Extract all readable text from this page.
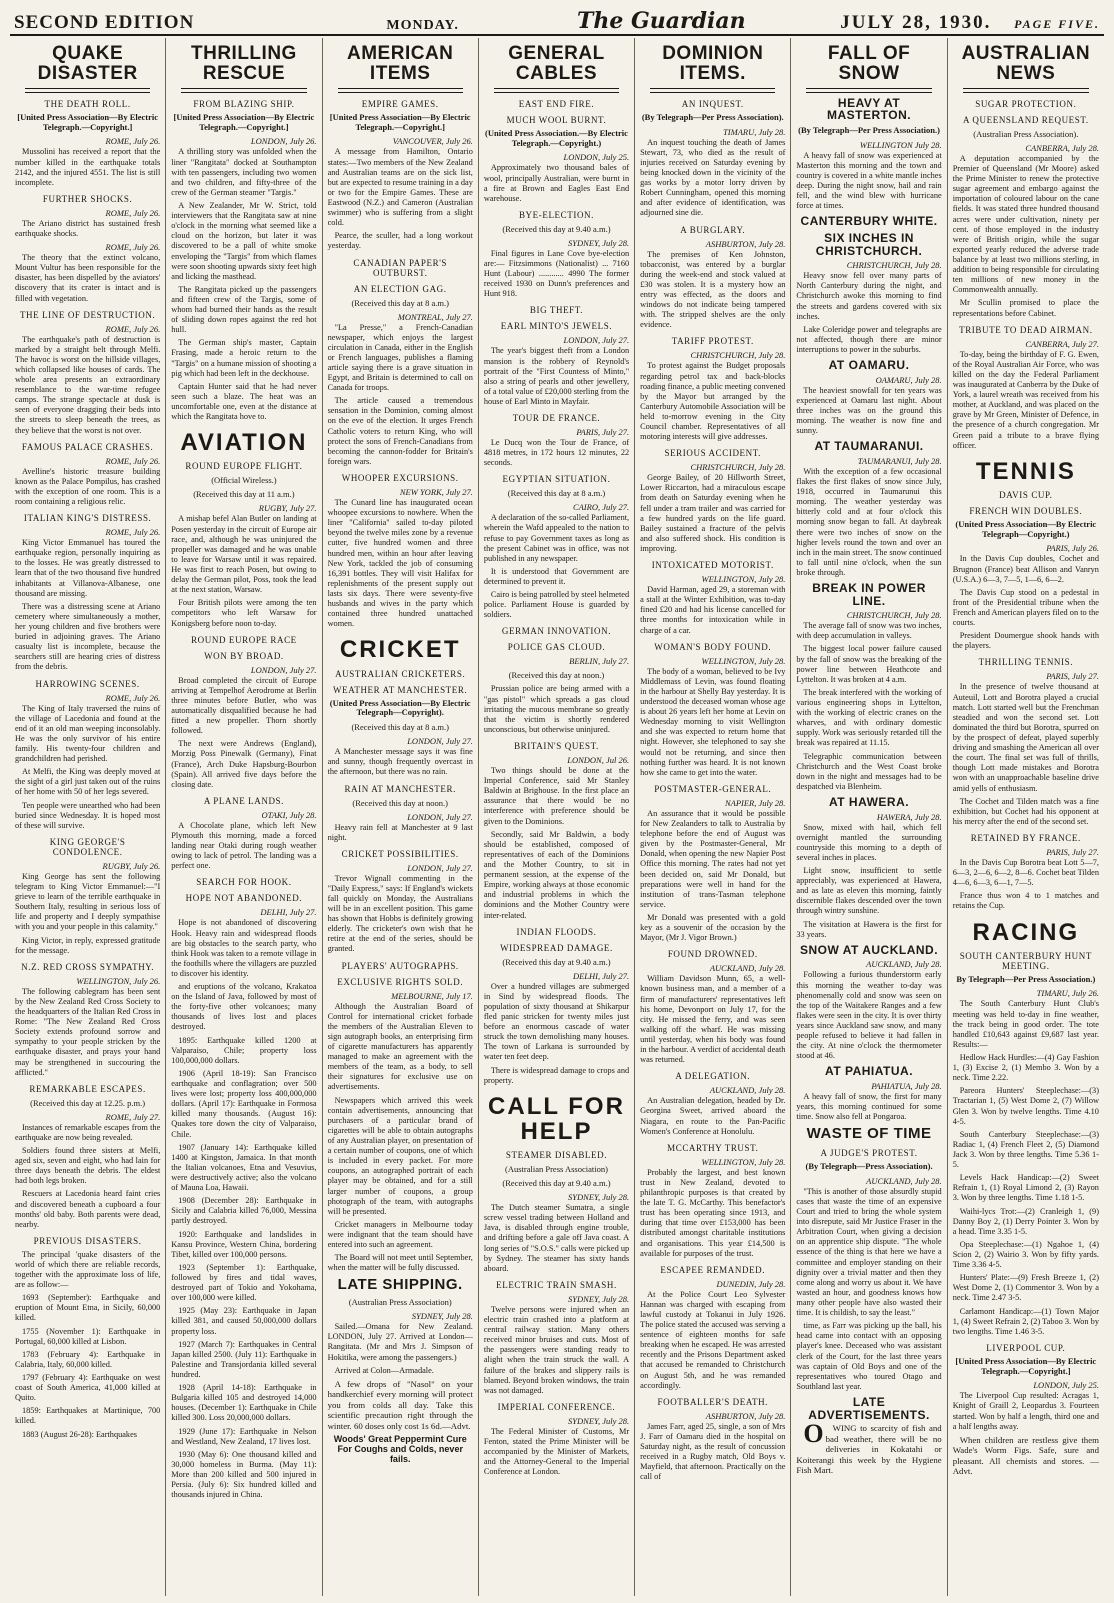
SECOND EDITION	MONDAY.	The Guardian	JULY 28, 1930. PAGE FIVE.
QUAKE DISASTER
THE DEATH ROLL.
[United Press Association—By Electric Telegraph.—Copyright.]
ROME, July 26.

Mussolini has received a report that the number killed in the earthquake totals 2142, and the injured 4551. The list is still incomplete.

FURTHER SHOCKS.
ROME, July 26.

The Ariano district has sustained fresh earthquake shocks.

ROME, July 26.

The theory that the extinct volcano, Mount Vultur has been responsible for the disaster, has been dispelled by the aviators' discovery that its crater is intact and is filled with vegetation.

THE LINE OF DESTRUCTION.
ROME, July 26.

The earthquake's path of destruction is marked by a straight belt through Melfi. The havoc is worst on the hillside villages, which collapsed like houses of cards. The whole area presents an extraordinary resemblance to the war-time refugee camps. The strange spectacle at dusk is seen of everyone dragging their beds into the streets to sleep beneath the trees, as they believe that the worst is not over.

FAMOUS PALACE CRASHES.
ROME, July 26.

Avelline's historic treasure building known as the Palace Pompilus, has crashed with the exception of one room. This is a room containing a religious relic.

ITALIAN KING'S DISTRESS.
ROME, July 26.

King Victor Emmanuel has toured the earthquake region, personally inquiring as to the losses. He was greatly distressed to learn that of the two thousand five hundred inhabitants at Villanova-Albanese, one thousand are missing.

There was a distressing scene at Ariano cemetery where simultaneously a mother, her young children and five brothers were buried in adjoining graves. The Ariano casualty list is incomplete, because the searchers still are hearing cries of distress from the debris.

HARROWING SCENES.
ROME, July 26.

The King of Italy traversed the ruins of the village of Lacedonia and found at the end of it an old man weeping inconsolably. He was the only survivor of his entire family. His twenty-four children and grandchildren had perished.

At Melfi, the King was deeply moved at the sight of a girl just taken out of the ruins of her home with 50 of her legs severed.

Ten people were unearthed who had been buried since Wednesday. It is hoped most of these will survive.

KING GEORGE'S CONDOLENCE.
RUGBY, July 26.

King George has sent the following telegram to King Victor Emmanuel:—"I grieve to learn of the terrible earthquake in Southern Italy, resulting in serious loss of life and property and I deeply sympathise with you and your people in this calamity."

King Victor, in reply, expressed gratitude for the message.

N.Z. RED CROSS SYMPATHY.
WELLINGTON, July 26.

The following cablegram has been sent by the New Zealand Red Cross Society to the headquarters of the Italian Red Cross in Rome: "The New Zealand Red Cross Society extends profound sorrow and sympathy to your people stricken by the earthquake disaster, and prays your hand may be strengthened in succouring the afflicted."

REMARKABLE ESCAPES.
(Received this day at 12.25. p.m.)
ROME, July 27.

Instances of remarkable escapes from the earthquake are now being revealed.

Soldiers found three sisters at Melfi, aged six, seven and eight, who had lain for three days beneath the debris. The eldest had both legs broken.

Rescuers at Lacedonia heard faint cries and discovered beneath a cupboard a four months' old baby. Both parents were dead, nearby.

PREVIOUS DISASTERS.

The principal 'quake disasters of the world of which there are reliable records, together with the approximate loss of life, are as follow:—

1693 (September): Earthquake and eruption of Mount Etna, in Sicily, 60,000 killed.

1755 (November 1): Earthquake in Portugal, 60,000 killed at Lisbon.

1783 (February 4): Earthquake in Calabria, Italy, 60,000 killed.

1797 (February 4): Earthquake on west coast of South America, 41,000 killed at Quito.

1859: Earthquakes at Martinique, 700 killed.

1883 (August 26-28): Earthquakes

THRILLING RESCUE
FROM BLAZING SHIP.
[United Press Association—By Electric Telegraph.—Copyright.]
LONDON, July 26.

A thrilling story was unfolded when the liner "Rangitata" docked at Southampton with ten passengers, including two women and two children, and fifty-three of the crew of the German steamer "Targis."

A New Zealander, Mr W. Strict, told interviewers that the Rangitata saw at nine o'clock in the morning what seemed like a cloud on the horizon, but later it was discovered to be a pall of white smoke enveloping the "Targis" from which flames were soon shooting upwards sixty feet high and licking the masthead.

The Rangitata picked up the passengers and fifteen crew of the Targis, some of whom had burned their hands as the result of sliding down ropes against the red hot hull.

The German ship's master, Captain Frasing, made a heroic return to the "Targis" on a humane mission of shooting a pig which had been left in the deckhouse.

Captain Hunter said that he had never seen such a blaze. The heat was an uncomfortable one, even at the distance at which the Rangitata hove to.

AVIATION
ROUND EUROPE FLIGHT.
(Official Wireless.)
(Received this day at 11 a.m.)
RUGBY, July 27.

A mishap befel Alan Butler on landing at Posen yesterday in the circuit of Europe air race, and, although he was uninjured the propeller was damaged and he was unable to leave for Warsaw until it was repaired. He was first to reach Posen, but owing to delay the German pilot, Poss, took the lead at the next station, Warsaw.

Four British pilots were among the ten competitors who left Warsaw for Konigsberg before noon to-day.

ROUND EUROPE RACE
WON BY BROAD.
LONDON, July 27.

Broad completed the circuit of Europe arriving at Tempelhof Aerodrome at Berlin three minutes before Butler, who was automatically disqualified because he had fitted a new propeller. Thorn shortly followed.

The next were Andrews (England), Morzig Poss Pinewalk (Germany), Finat (France), Arch Duke Hapsburg-Bourbon (Spain). All arrived five days before the closing date.

A PLANE LANDS.
OTAKI, July 28.

A Chocolate plane, which left New Plymouth this morning, made a forced landing near Otaki during rough weather owing to lack of petrol. The landing was a perfect one.

SEARCH FOR HOOK.
HOPE NOT ABANDONED.
DELHI, July 27.

Hope is not abandoned of discovering Hook. Heavy rain and widespread floods are big obstacles to the search party, who think Hook was taken to a remote village in the foothills where the villagers are puzzled to discover his identity.

and eruptions of the volcano, Krakatoa on the Island of Java, followed by most of the forty-five other volcanoes; many thousands of lives lost and places destroyed.

1895: Earthquake killed 1200 at Valparaiso, Chile; property loss 100,000,000 dollars.

1906 (April 18-19): San Francisco earthquake and conflagration; over 500 lives were lost; property loss 400,000,000 dollars. (April 17): Earthquake in Formosa killed many thousands. (August 16): Quakes tore down the city of Valparaiso, Chile.

1907 (January 14): Earthquake killed 1400 at Kingston, Jamaica. In that month the Italian volcanoes, Etna and Vesuvius, were destructively active; also the volcano of Mauna Loa, Hawaii.

1908 (December 28): Earthquake in Sicily and Calabria killed 76,000, Messina partly destroyed.

1920: Earthquake and landslides in Kansu Province, Western China, bordering Tibet, killed over 100,000 persons.

1923 (September 1): Earthquake, followed by fires and tidal waves, destroyed part of Tokio and Yokohama, over 100,000 were killed.

1925 (May 23): Earthquake in Japan killed 381, and caused 50,000,000 dollars property loss.

1927 (March 7): Earthquakes in Central Japan killed 2500. (July 11): Earthquake in Palestine and Transjordania killed several hundred.

1928 (April 14-18): Earthquake in Bulgaria killed 105 and destroyed 14,000 houses. (December 1): Earthquake in Chile killed 300. Loss 20,000,000 dollars.

1929 (June 17): Earthquake in Nelson and Westland, New Zealand, 17 lives lost.

1930 (May 6): One thousand killed and 30,000 homeless in Burma. (May 11): More than 200 killed and 500 injured in Persia. (July 6): Six hundred killed and thousands injured in China.

AMERICAN ITEMS
EMPIRE GAMES.
[United Press Association—By Electric Telegraph.—Copyright.]
VANCOUVER, July 26.

A message from Hamilton, Ontario states:—Two members of the New Zealand and Australian teams are on the sick list, but are expected to resume training in a day or two for the Empire Games. These are Eastwood (N.Z.) and Cameron (Australian swimmer) who is suffering from a slight cold.

Pearce, the sculler, had a long workout yesterday.

CANADIAN PAPER'S OUTBURST.
AN ELECTION GAG.
(Received this day at 8 a.m.)
MONTREAL, July 27.

"La Presse," a French-Canadian newspaper, which enjoys the largest circulation in Canada, either in the English or French languages, publishes a flaming article saying there is a grave situation in Egypt, and Britain is determined to call on Canada for troops.

The article caused a tremendous sensation in the Dominion, coming almost on the eve of the election. It urges French Catholic voters to return King, who will protect the sons of French-Canadians from becoming the cannon-fodder for Britain's foreign wars.

WHOOPER EXCURSIONS.
NEW YORK, July 27.

The Cunard line has inaugurated ocean whoopee excursions to nowhere. When the liner "California" sailed to-day piloted beyond the twelve miles zone by a revenue cutter, five hundred women and three hundred men, within an hour after leaving New York, tackled the job of consuming 16,391 bottles. They will visit Halifax for replenishments of the present supply out lasts six days. There were seventy-five husbands and wives in the party which contained three hundred unattached women.

CRICKET
AUSTRALIAN CRICKETERS.
WEATHER AT MANCHESTER.
(United Press Association—By Electric Telegraph—Copyright).
(Received this day at 8 a.m.)
LONDON, July 27.

A Manchester message says it was fine and sunny, though frequently overcast in the afternoon, but there was no rain.

RAIN AT MANCHESTER.
(Received this day at noon.)
LONDON, July 27.

Heavy rain fell at Manchester at 9 last night.

CRICKET POSSIBILITIES.
LONDON, July 27.

Trevor Wignall commenting in the "Daily Express," says: If England's wickets fall quickly on Monday, the Australians will be in an excellent position. This game has shown that Hobbs is definitely growing elderly. The cricketer's own wish that he retire at the end of the series, should be granted.

PLAYERS' AUTOGRAPHS.
EXCLUSIVE RIGHTS SOLD.
MELBOURNE, July 17.

Although the Australian Board of Control for international cricket forbade the members of the Australian Eleven to sign autograph books, an enterprising firm of cigarette manufacturers has apparently managed to make an agreement with the members of the team, as a body, to sell their signatures for exclusive use on advertisements.

Newspapers which arrived this week contain advertisements, announcing that purchasers of a particular brand of cigarettes will be able to obtain autographs of any Australian player, on presentation of a certain number of coupons, one of which is included in every packet. For more coupons, an autographed portrait of each player may be obtained, and for a still larger number of coupons, a group photograph of the team, with autographs will be presented.

Cricket managers in Melbourne today were indignant that the team should have entered into such an agreement.

The Board will not meet until September, when the matter will be fully discussed.

LATE SHIPPING.
(Australian Press Association)
SYDNEY, July 28.

Sailed.—Omana for New Zealand. LONDON, July 27. Arrived at London—Rangitata. (Mr and Mrs J. Simpson of Hokitika, were among the passengers.)

Arrived at Colon—Armadale.

A few drops of "Nasol" on your handkerchief every morning will protect you from colds all day. Take this scientific precaution right through the winter. 60 doses only cost 1s 6d.—Advt.

Woods' Great Peppermint Cure For Coughs and Colds, never fails.
GENERAL CABLES
EAST END FIRE.
MUCH WOOL BURNT.
(United Press Association.—By Electric Telegraph.—Copyright.)
LONDON, July 25.

Approximately two thousand bales of wool, principally Australian, were burnt in a fire at Brown and Eagles East End warehouse.

BYE-ELECTION.
(Received this day at 9.40 a.m.)
SYDNEY, July 28.

Final figures in Lane Cove bye-election are:— Fitzsimmons (Nationalist) ... 7160 Hunt (Labour) ............ 4990 The former received 1930 on Dunn's preferences and Hunt 918.

BIG THEFT.
EARL MINTO'S JEWELS.
LONDON, July 27.

The year's biggest theft from a London mansion is the robbery of Reynold's portrait of the "First Countess of Minto," also a string of pearls and other jewellery, of a total value of £20,000 sterling from the house of Earl Minto in Mayfair.

TOUR DE FRANCE.
PARIS, July 27.

Le Ducq won the Tour de France, of 4818 metres, in 172 hours 12 minutes, 22 seconds.

EGYPTIAN SITUATION.
(Received this day at 8 a.m.)
CAIRO, July 27.

A declaration of the so-called Parliament, wherein the Wafd appealed to the nation to refuse to pay Government taxes as long as the present Cabinet was in office, was not published in any newspaper.

It is understood that Government are determined to prevent it.

Cairo is being patrolled by steel helmeted police. Parliament House is guarded by soldiers.

GERMAN INNOVATION.
POLICE GAS CLOUD.
BERLIN, July 27.
(Received this day at noon.)

Prussian police are being armed with a "gas pistol" which spreads a gas cloud irritating the mucous membrane so greatly that the victim is shortly rendered unconscious, but otherwise uninjured.

BRITAIN'S QUEST.
LONDON, Jul 26.

Two things should be done at the Imperial Conference, said Mr Stanley Baldwin at Brighouse. In the first place an assurance that there would be no interference with preference should be given to the Dominions.

Secondly, said Mr Baldwin, a body should be established, composed of representatives of each of the Dominions and the Mother Country, to sit in permanent session, at the expense of the Empire, working always at those economic and industrial problems in which the dominions and the Mother Country were inter-related.

INDIAN FLOODS.
WIDESPREAD DAMAGE.
(Received this day at 9.40 a.m.)
DELHI, July 27.

Over a hundred villages are submerged in Sind by widespread floods. The population of sixty thousand at Shikarpur fled panic stricken for twenty miles just before an enormous cascade of water struck the town demolishing many houses. The town of Larkana is surrounded by water ten feet deep.

There is widespread damage to crops and property.

CALL FOR HELP
STEAMER DISABLED.
(Australian Press Association)
(Received this day at 9.40 a.m.)
SYDNEY, July 28.

The Dutch steamer Sumatra, a single screw vessel trading between Holland and Java, is disabled through engine trouble, and drifting before a gale off Java coast. A long series of "S.O.S." calls were picked up by Sydney. The steamer has sixty hands aboard.

ELECTRIC TRAIN SMASH.
SYDNEY, July 28.

Twelve persons were injured when an electric train crashed into a platform at central railway station. Many others received minor bruises and cuts. Most of the passengers were standing ready to alight when the train struck the wall. A failure of the brakes and slippery rails is blamed. Beyond broken windows, the train was not damaged.

IMPERIAL CONFERENCE.
SYDNEY, July 28.

The Federal Minister of Customs, Mr Fenton, stated the Prime Minister will be accompanied by the Minister of Markets, and the Attorney-General to the Imperial Conference at London.

DOMINION ITEMS.
AN INQUEST.
(By Telegraph—Per Press Association).
TIMARU, July 28.

An inquest touching the death of James Stewart, 73, who died as the result of injuries received on Saturday evening by being knocked down in the vicinity of the gas works by a motor lorry driven by Robert Cunningham, opened this morning and after evidence of identification, was adjourned sine die.

A BURGLARY.
ASHBURTON, July 28.

The premises of Ken Johnston, tobacconist, was entered by a burglar during the week-end and stock valued at £30 was stolen. It is a mystery how an entry was effected, as the doors and windows do not indicate being tampered with. The stripped shelves are the only evidence.

TARIFF PROTEST.
CHRISTCHURCH, July 28.

To protest against the Budget proposals regarding petrol tax and back-blocks roading finance, a public meeting convened by the Mayor but arranged by the Canterbury Automobile Association will be held to-morrow evening in the City Council chamber. Representatives of all motoring interests will give addresses.

SERIOUS ACCIDENT.
CHRISTCHURCH, July 28.

George Bailey, of 20 Hillworth Street, Lower Riccarton, had a miraculous escape from death on Saturday evening when he fell under a tram trailer and was carried for a few hundred yards on the life guard. Bailey sustained a fracture of the pelvis and also suffered shock. His condition is improving.

INTOXICATED MOTORIST.
WELLINGTON, July 28.

David Harman, aged 29, a storeman with a stall at the Winter Exhibition, was to-day fined £20 and had his license cancelled for three months for intoxication while in charge of a car.

WOMAN'S BODY FOUND.
WELLINGTON, July 28.

The body of a woman, believed to be Ivy Middlemass of Levin, was found floating in the harbour at Shelly Bay yesterday. It is understood the deceased woman whose age is about 26 years left her home at Levin on Wednesday morning to visit Wellington and she was expected to return home that night. However, she telephoned to say she would not be returning, and since then nothing further was heard. It is not known how she came to get into the water.

POSTMASTER-GENERAL.
NAPIER, July 28.

An assurance that it would be possible for New Zealanders to talk to Australia by telephone before the end of August was given by the Postmaster-General, Mr Donald, when opening the new Napier Post Office this morning. The rates had not yet been decided on, said Mr Donald, but preparations were well in hand for the institution of trans-Tasman telephone service.

Mr Donald was presented with a gold key as a souvenir of the occasion by the Mayor, (Mr J. Vigor Brown.)

FOUND DROWNED.
AUCKLAND, July 28.

William Davidson Munn, 65, a well-known business man, and a member of a firm of manufacturers' representatives left his home, Devonport on July 17, for the city. He missed the ferry, and was seen walking off the wharf. He was missing until yesterday, when his body was found in the harbour. A verdict of accidental death was returned.

A DELEGATION.
AUCKLAND, July 28.

An Australian delegation, headed by Dr. Georgina Sweet, arrived aboard the Niagara, en route to the Pan-Pacific Women's Conference at Honolulu.

MCCARTHY TRUST.
WELLINGTON, July 28.

Probably the largest, and best known trust in New Zealand, devoted to philanthropic purposes is that created by the late T. G. McCarthy. This benefactor's trust has been operating since 1913, and during that time over £153,000 has been distributed amongst charitable institutions and organisations. This year £14,500 is available for purposes of the trust.

ESCAPEE REMANDED.
DUNEDIN, July 28.

At the Police Court Leo Sylvester Hannan was charged with escaping from lawful custody at Tokanui in July 1926. The police stated the accused was serving a sentence of eighteen months for safe breaking when he escaped. He was arrested recently and the Prisons Department asked that accused be remanded to Christchurch on August 5th, and he was remanded accordingly.

FOOTBALLER'S DEATH.
ASHBURTON, July 28.

James Farr, aged 25, single, a son of Mrs J. Farr of Oamaru died in the hospital on Saturday night, as the result of concussion received in a Rugby match, Old Boys v. Mayfield, that afternoon. Practically on the call of

FALL OF SNOW
HEAVY AT MASTERTON.
(By Telegraph—Per Press Association.)
WELLINGTON July 28.

A heavy fall of snow was experienced at Masterton this morning and the town and country is covered in a white mantle inches deep. During the night snow, hail and rain fell, and the wind blew with hurricane force at times.

CANTERBURY WHITE.
SIX INCHES IN CHRISTCHURCH.
CHRISTCHURCH, July 28.

Heavy snow fell over many parts of North Canterbury during the night, and Christchurch awoke this morning to find the streets and gardens covered with six inches.

Lake Coleridge power and telegraphs are not affected, though there are minor interruptions to power in the suburbs.

AT OAMARU.
OAMARU, July 28.

The heaviest snowfall for ten years was experienced at Oamaru last night. About three inches was on the ground this morning. The weather is now fine and sunny.

AT TAUMARANUI.
TAUMARANUI, July 28.

With the exception of a few occasional flakes the first flakes of snow since July, 1918, occurred in Taumarunui this morning. The weather yesterday was bitterly cold and at four o'clock this morning snow began to fall. At daybreak there were two inches of snow on the higher levels round the town and over an inch in the main street. The snow continued to fall until nine o'clock, when the sun broke through.

BREAK IN POWER LINE.
CHRISTCHURCH, July 28.

The average fall of snow was two inches, with deep accumulation in valleys.

The biggest local power failure caused by the fall of snow was the breaking of the power line between Heathcote and Lyttelton. It was broken at 4 a.m.

The break interfered with the working of various engineering shops in Lyttelton, with the working of electric cranes on the wharves, and with ordinary domestic supply. Work was seriously retarded till the break was repaired at 11.15.

Telegraphic communication between Christchurch and the West Coast broke down in the night and messages had to be despatched via Blenheim.

AT HAWERA.
HAWERA, July 28.

Snow, mixed with hail, which fell overnight mantled the surrounding countryside this morning to a depth of several inches in places.

Light snow, insufficient to settle appreciably, was experienced at Hawera, and as late as eleven this morning, faintly discernible flakes descended over the town through wintry sunshine.

The visitation at Hawera is the first for 33 years.

SNOW AT AUCKLAND.
AUCKLAND, July 28.

Following a furious thunderstorm early this morning the weather to-day was phenomenally cold and snow was seen on the top of the Waitakere Ranges and a few flakes were seen in the city. It is over thirty years since Auckland saw snow, and many people refused to believe it had fallen in the city. At nine o'clock the thermometer stood at 46.

AT PAHIATUA.
PAHIATUA, July 28.

A heavy fall of snow, the first for many years, this morning continued for some time. Snow also fell at Pongaroa.

WASTE OF TIME
A JUDGE'S PROTEST.
(By Telegraph—Press Association).
AUCKLAND, July 28.

"This is another of those absurdly stupid cases that waste the time of an expensive Court and tried to bring the whole system into disrepute, said Mr Justice Fraser in the Arbitration Court, when giving a decision on an apprentice ship dispute. "The whole essence of the thing is that here we have a committee and employer standing on their dignity over a trivial matter and then they come along and worry us about it. We have wasted an hour, and goodness knows how many other people have also wasted their time. It is childish, to say the least."

time, as Farr was picking up the ball, his head came into contact with an opposing player's knee. Deceased who was assistant clerk of the Court, for the last three years was captain of Old Boys and one of the representatives who toured Otago and Southland last year.

LATE ADVERTISEMENTS.

O WING to scarcity of fish and bad weather, there will be no deliveries in Kokatahi or Koiterangi this week by the Hygiene Fish Mart.

AUSTRALIAN NEWS
SUGAR PROTECTION.
A QUEENSLAND REQUEST.
(Australian Press Association).
CANBERRA, July 28.

A deputation accompanied by the Premier of Queensland (Mr Moore) asked the Prime Minister to renew the protective sugar agreement and embargo against the importation of coloured labour on the cane fields. It was stated three hundred thousand acres were under cultivation, ninety per cent. of those employed in the industry were of British origin, while the sugar exported yearly reduced the adverse trade balance by at least two millions sterling, in addition to being responsible for circulating ten millions of new money in the Commonwealth annually.

Mr Scullin promised to place the representations before Cabinet.

TRIBUTE TO DEAD AIRMAN.
CANBERRA, July 27.

To-day, being the birthday of F. G. Ewen, of the Royal Australian Air Force, who was killed on the day the Federal Parliament was inaugurated at Canberra by the Duke of York, a laurel wreath was received from his mother, at Auckland, and was placed on the grave by Mr Green, Minister of Defence, in the presence of a church congregation. Mr Green paid a tribute to a brave flying officer.

TENNIS
DAVIS CUP.
FRENCH WIN DOUBLES.
(United Press Association—By Electric Telegraph—Copyright.)
PARIS, July 26.

In the Davis Cup doubles, Cochet and Brugnon (France) beat Allison and Vanryn (U.S.A.) 6—3, 7—5, 1—6, 6—2.

The Davis Cup stood on a pedestal in front of the Presidential tribune when the French and American players filed on to the courts.

President Doumergue shook hands with the players.

THRILLING TENNIS.
PARIS, July 27.

In the presence of twelve thousand at Auteuil, Lott and Borotra played a crucial match. Lott started well but the Frenchman steadied and won the second set. Lott dominated the third but Borotra, spurred on by the prospect of defeat, played superbly driving and smashing the American all over the court. The final set was full of thrills, though Lott made mistakes and Borotra won with an unapproachable baseline drive amid yells of enthusiasm.

The Cochet and Tilden match was a fine exhibition, but Cochet had his opponent at his mercy after the end of the second set.

RETAINED BY FRANCE.
PARIS, July 27.

In the Davis Cup Borotra beat Lott 5—7, 6—3, 2—6, 6—2, 8—6. Cochet beat Tilden 4—6, 6—3, 6—1, 7—5.

France thus won 4 to 1 matches and retains the Cup.

RACING
SOUTH CANTERBURY HUNT MEETING.
By Telegraph—Per Press Association.)
TIMARU, July 26.

The South Canterbury Hunt Club's meeting was held to-day in fine weather, the track being in good order. The tote handled £10,643 against £9,687 last year. Results:—

Hedlow Hack Hurdles:—(4) Gay Fashion 1, (3) Excise 2, (1) Membo 3. Won by a neck. Time 2.22.

Pareora Hunters' Steeplechase:—(3) Tractarian 1, (5) West Dome 2, (7) Willow Glen 3. Won by twelve lengths. Time 4.10 4-5.

South Canterbury Steeplechase:—(3) Radiac 1, (4) French Fleet 2, (5) Diamond Jack 3. Won by three lengths. Time 5.36 1-5.

Levels Hack Handicap:—(2) Sweet Refrain 1, (1) Royal Limond 2, (3) Rayon 3. Won by three lengths. Time 1.18 1-5.

Waihi-lycs Trot:—(2) Cranleigh 1, (9) Danny Boy 2, (1) Derry Pointer 3. Won by a head. Time 3.35 1-5.

Opa Steeplechase:—(1) Ngahoe 1, (4) Scion 2, (2) Wairio 3. Won by fifty yards. Time 3.36 4-5.

Hunters' Plate:—(9) Fresh Breeze 1, (2) West Dome 2, (1) Commentor 3. Won by a neck. Time 2.47 3-5.

Carlamont Handicap:—(1) Town Major 1, (4) Sweet Refrain 2, (2) Taboo 3. Won by two lengths. Time 1.46 3-5.

LIVERPOOL CUP.
[United Press Association—By Electric Telegraph.—Copyright.]
LONDON, July 25.

The Liverpool Cup resulted: Acragas 1, Knight of Graill 2, Leopardus 3. Fourteen started. Won by half a length, third one and a half lengths away.

When children are restless give them Wade's Worm Figs. Safe, sure and pleasant. All chemists and stores. —Advt.
